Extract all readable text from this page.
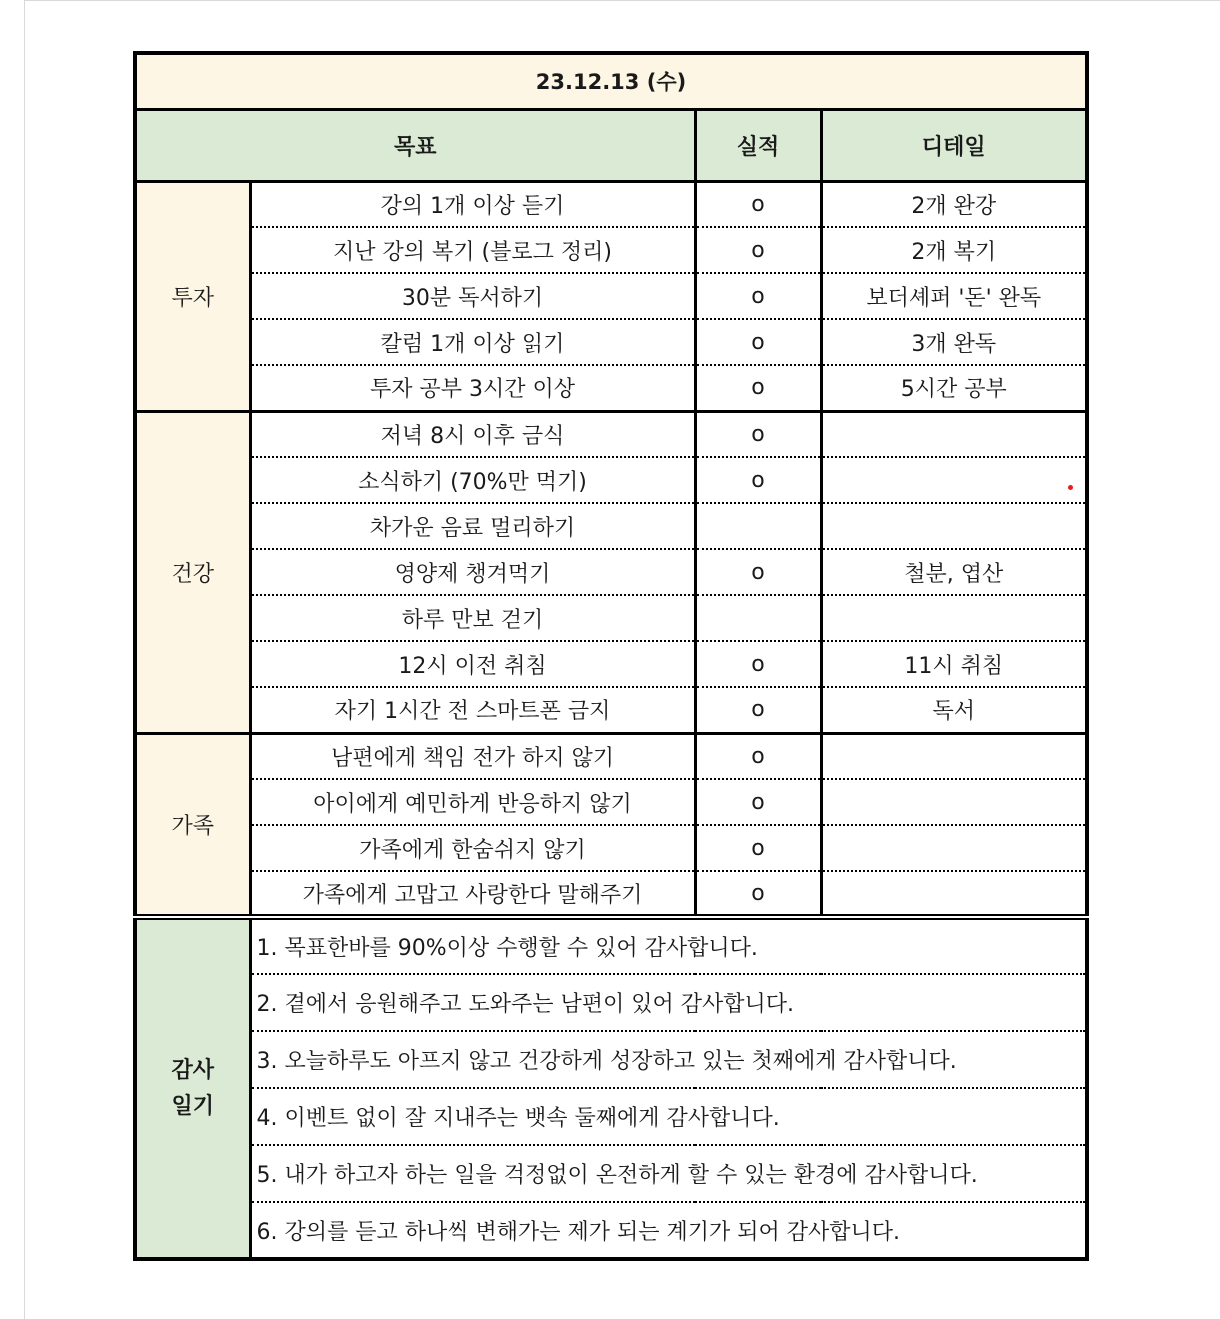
23.12.13 (수)			
목표		실적	디테일
투자	강의 1개 이상 듣기	o	2개 완강
	지난 강의 복기 (블로그 정리)	o	2개 복기
	30분 독서하기	o	보더셰퍼 '돈' 완독
	칼럼 1개 이상 읽기	o	3개 완독
	투자 공부 3시간 이상	o	5시간 공부
건강	저녁 8시 이후 금식	o	
	소식하기 (70%만 먹기)	o	
	차가운 음료 멀리하기		
	영양제 챙겨먹기	o	철분, 엽산
	하루 만보 걷기		
	12시 이전 취침	o	11시 취침
	자기 1시간 전 스마트폰 금지	o	독서
가족	남편에게 책임 전가 하지 않기	o	
	아이에게 예민하게 반응하지 않기	o	
	가족에게 한숨쉬지 않기	o	
	가족에게 고맙고 사랑한다 말해주기	o	

감사
일기	1. 목표한바를 90%이상 수행할 수 있어 감사합니다.		
	2. 곁에서 응원해주고 도와주는 남편이 있어 감사합니다.		
	3. 오늘하루도 아프지 않고 건강하게 성장하고 있는 첫째에게 감사합니다.		
	4. 이벤트 없이 잘 지내주는 뱃속 둘째에게 감사합니다.		
	5. 내가 하고자 하는 일을 걱정없이 온전하게 할 수 있는 환경에 감사합니다.		
	6. 강의를 듣고 하나씩 변해가는 제가 되는 계기가 되어 감사합니다.		
